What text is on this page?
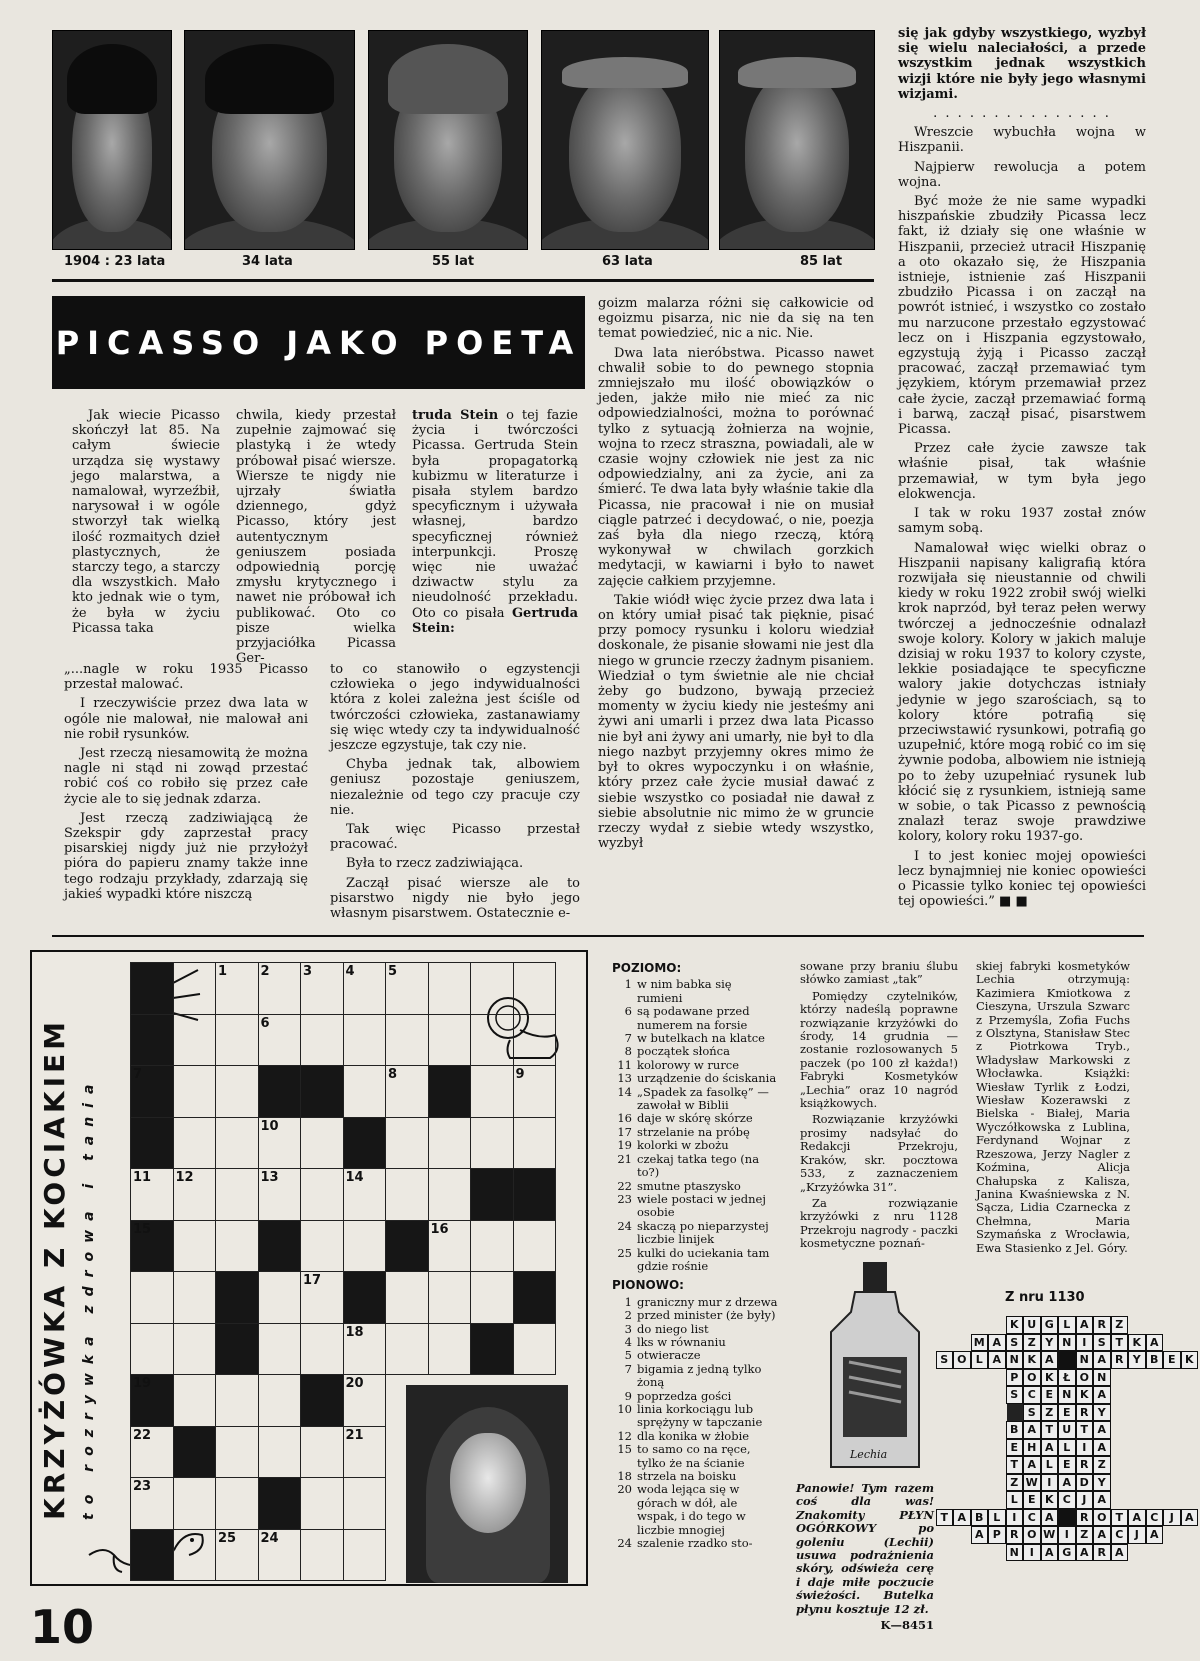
1904 : 23 lata	34 lata	55 lat	63 lata	85 lat
PICASSO JAKO POETA

Jak wiecie Picasso skończył lat 85. Na całym świecie urządza się wystawy jego malarstwa, a namalował, wyrzeźbił, narysował i w ogóle stworzył tak wielką ilość rozmaitych dzieł plastycznych, że starczy tego, a starczy dla wszystkich. Mało kto jednak wie o tym, że była w życiu Picassa taka

chwila, kiedy przestał zupełnie zajmować się plastyką i że wtedy próbował pisać wiersze. Wiersze te nigdy nie ujrzały światła dziennego, gdyż Picasso, który jest autentycznym geniuszem posiada odpowiednią porcję zmysłu krytycznego i nawet nie próbował ich publikować. Oto co pisze wielka przyjaciółka Picassa Ger-

truda Stein o tej fazie życia i twórczości Picassa. Gertruda Stein była propagatorką kubizmu w literaturze i pisała stylem bardzo specyficznym i używała własnej, bardzo specyficznej również interpunkcji. Proszę więc nie uważać dziwactw stylu za nieudolność przekładu. Oto co pisała Gertruda Stein:

„...nagle w roku 1935 Picasso przestał malować.

I rzeczywiście przez dwa lata w ogóle nie malował, nie malował ani nie robił rysunków.

Jest rzeczą niesamowitą że można nagle ni stąd ni zowąd przestać robić coś co robiło się przez całe życie ale to się jednak zdarza.

Jest rzeczą zadziwiającą że Szekspir gdy zaprzestał pracy pisarskiej nigdy już nie przyłożył pióra do papieru znamy także inne tego rodzaju przykłady, zdarzają się jakieś wypadki które niszczą

to co stanowiło o egzystencji człowieka o jego indywidualności która z kolei zależna jest ściśle od twórczości człowieka, zastanawiamy się więc wtedy czy ta indywidualność jeszcze egzystuje, tak czy nie.

Chyba jednak tak, albowiem geniusz pozostaje geniuszem, niezależnie od tego czy pracuje czy nie.

Tak więc Picasso przestał pracować.

Była to rzecz zadziwiająca.

Zaczął pisać wiersze ale to pisarstwo nigdy nie było jego własnym pisarstwem. Ostatecznie e-

goizm malarza różni się całkowicie od egoizmu pisarza, nic nie da się na ten temat powiedzieć, nic a nic. Nie.

Dwa lata nieróbstwa. Picasso nawet chwalił sobie to do pewnego stopnia zmniejszało mu ilość obowiązków o jeden, jakże miło nie mieć za nic odpowiedzialności, można to porównać tylko z sytuacją żołnierza na wojnie, wojna to rzecz straszna, powiadali, ale w czasie wojny człowiek nie jest za nic odpowiedzialny, ani za życie, ani za śmierć. Te dwa lata były właśnie takie dla Picassa, nie pracował i nie on musiał ciągle patrzeć i decydować, o nie, poezja zaś była dla niego rzeczą, którą wykonywał w chwilach gorzkich medytacji, w kawiarni i było to nawet zajęcie całkiem przyjemne.

Takie wiódł więc życie przez dwa lata i on który umiał pisać tak pięknie, pisać przy pomocy rysunku i koloru wiedział doskonale, że pisanie słowami nie jest dla niego w gruncie rzeczy żadnym pisaniem. Wiedział o tym świetnie ale nie chciał żeby go budzono, bywają przecież momenty w życiu kiedy nie jesteśmy ani żywi ani umarli i przez dwa lata Picasso nie był ani żywy ani umarły, nie był to dla niego nazbyt przyjemny okres mimo że był to okres wypoczynku i on właśnie, który przez całe życie musiał dawać z siebie wszystko co posiadał nie dawał z siebie absolutnie nic mimo że w gruncie rzeczy wydał z siebie wtedy wszystko, wyzbył

się jak gdyby wszystkiego, wyzbył się wielu naleciałości, a przede wszystkim jednak wszystkich wizji które nie były jego własnymi wizjami.

. . . . . . . . . . . . . . .

Wreszcie wybuchła wojna w Hiszpanii.

Najpierw rewolucja a potem wojna.

Być może że nie same wypadki hiszpańskie zbudziły Picassa lecz fakt, iż działy się one właśnie w Hiszpanii, przecież utracił Hiszpanię a oto okazało się, że Hiszpania istnieje, istnienie zaś Hiszpanii zbudziło Picassa i on zaczął na powrót istnieć, i wszystko co zostało mu narzucone przestało egzystować lecz on i Hiszpania egzystowało, egzystują żyją i Picasso zaczął pracować, zaczął przemawiać tym językiem, którym przemawiał przez całe życie, zaczął przemawiać formą i barwą, zaczął pisać, pisarstwem Picassa.

Przez całe życie zawsze tak właśnie pisał, tak właśnie przemawiał, w tym była jego elokwencja.

I tak w roku 1937 został znów samym sobą.

Namalował więc wielki obraz o Hiszpanii napisany kaligrafią która rozwijała się nieustannie od chwili kiedy w roku 1922 zrobił swój wielki krok naprzód, był teraz pełen werwy twórczej a jednocześnie odnalazł swoje kolory. Kolory w jakich maluje dzisiaj w roku 1937 to kolory czyste, lekkie posiadające te specyficzne walory jakie dotychczas istniały jedynie w jego szarościach, są to kolory które potrafią się przeciwstawić rysunkowi, potrafią go uzupełnić, które mogą robić co im się żywnie podoba, albowiem nie istnieją po to żeby uzupełniać rysunek lub kłócić się z rysunkiem, istnieją same w sobie, o tak Picasso z pewnością znalazł teraz swoje prawdziwe kolory, kolory roku 1937-go.

I to jest koniec mojej opowieści lecz bynajmniej nie koniec opowieści o Picassie tylko koniec tej opowieści tej opowieści.” ■ ■

KRZYŻÓWKA Z KOCIAKIEM to rozrywka zdrowa i tania
POZIOMO:
1 w nim babka się rumieni
6 są podawane przed numerem na forsie
7 w butelkach na klatce
8 początek słońca
11 kolorowy w rurce
13 urządzenie do ściskania
14 „Spadek za fasolkę” — zawołał w Biblii
16 daje w skórę skórze
17 strzelanie na próbę
19 kolorki w zbożu
21 czekaj tatka tego (na to?)
22 smutne ptaszysko
23 wiele postaci w jednej osobie
24 skaczą po nieparzystej liczbie linijek
25 kulki do uciekania tam gdzie rośnie
PIONOWO:
1 graniczny mur z drzewa
2 przed minister (że były)
3 do niego list
4 lks w równaniu
5 otwieracze
7 bigamia z jedną tylko żoną
9 poprzedza gości
10 linia korkociągu lub sprężyny w tapczanie
12 dla konika w żłobie
15 to samo co na ręce, tylko że na ścianie
18 strzela na boisku
20 woda lejąca się w górach w dół, ale wspak, i do tego w liczbie mnogiej
24 szalenie rzadko sto-

sowane przy braniu ślubu słówko zamiast „tak”

Pomiędzy czytelników, którzy nadeślą poprawne rozwiązanie krzyżówki do środy, 14 grudnia — zostanie rozlosowanych 5 paczek (po 100 zł każda!) Fabryki Kosmetyków „Lechia” oraz 10 nagród książkowych.

Rozwiązanie krzyżówki prosimy nadsyłać do Redakcji Przekroju, Kraków, skr. pocztowa 533, z zaznaczeniem „Krzyżówka 31”.

Za rozwiązanie krzyżówki z nru 1128 Przekroju nagrody - paczki kosmetyczne poznań-

skiej fabryki kosmetyków Lechia otrzymują: Kazimiera Kmiotkowa z Cieszyna, Urszula Szwarc z Przemyśla, Zofia Fuchs z Olsztyna, Stanisław Stec z Piotrkowa Tryb., Władysław Markowski z Włocławka. Książki: Wiesław Tyrlik z Łodzi, Wiesław Kozerawski z Bielska - Białej, Maria Wyczółkowska z Lublina, Ferdynand Wojnar z Rzeszowa, Jerzy Nagler z Koźmina, Alicja Chałupska z Kalisza, Janina Kwaśniewska z N. Sącza, Lidia Czarnecka z Chełmna, Maria Szymańska z Wrocławia, Ewa Stasienko z Jel. Góry.

Lechia

Panowie! Tym razem coś dla was! Znakomity PŁYN OGÓRKOWY po goleniu (Lechii) usuwa podrażnienia skóry, odświeża cerę i daje miłe poczucie świeżości. Butelka płynu kosztuje 12 zł.

K—8451
Z nru 1130
10
1	2	3	4	5
6
7	8	9
10
11 12	13	14
15	16
17
18
19	20
21
22
23
24
25
K U G L A R Z
M A S Z Y N I	S T K A
S O L A N K A	N A R Y B E K
P O K Ł O N
S C E N K A
S Z E R Y
B A T U T A
E H A L	I	A
T A L E R Z
Z W I	A D Y
L E K C	J	A
T A B L	I	C A	R O T A C	J	A
A P R O W I	Z A C	J	A
N I	A G A R A
